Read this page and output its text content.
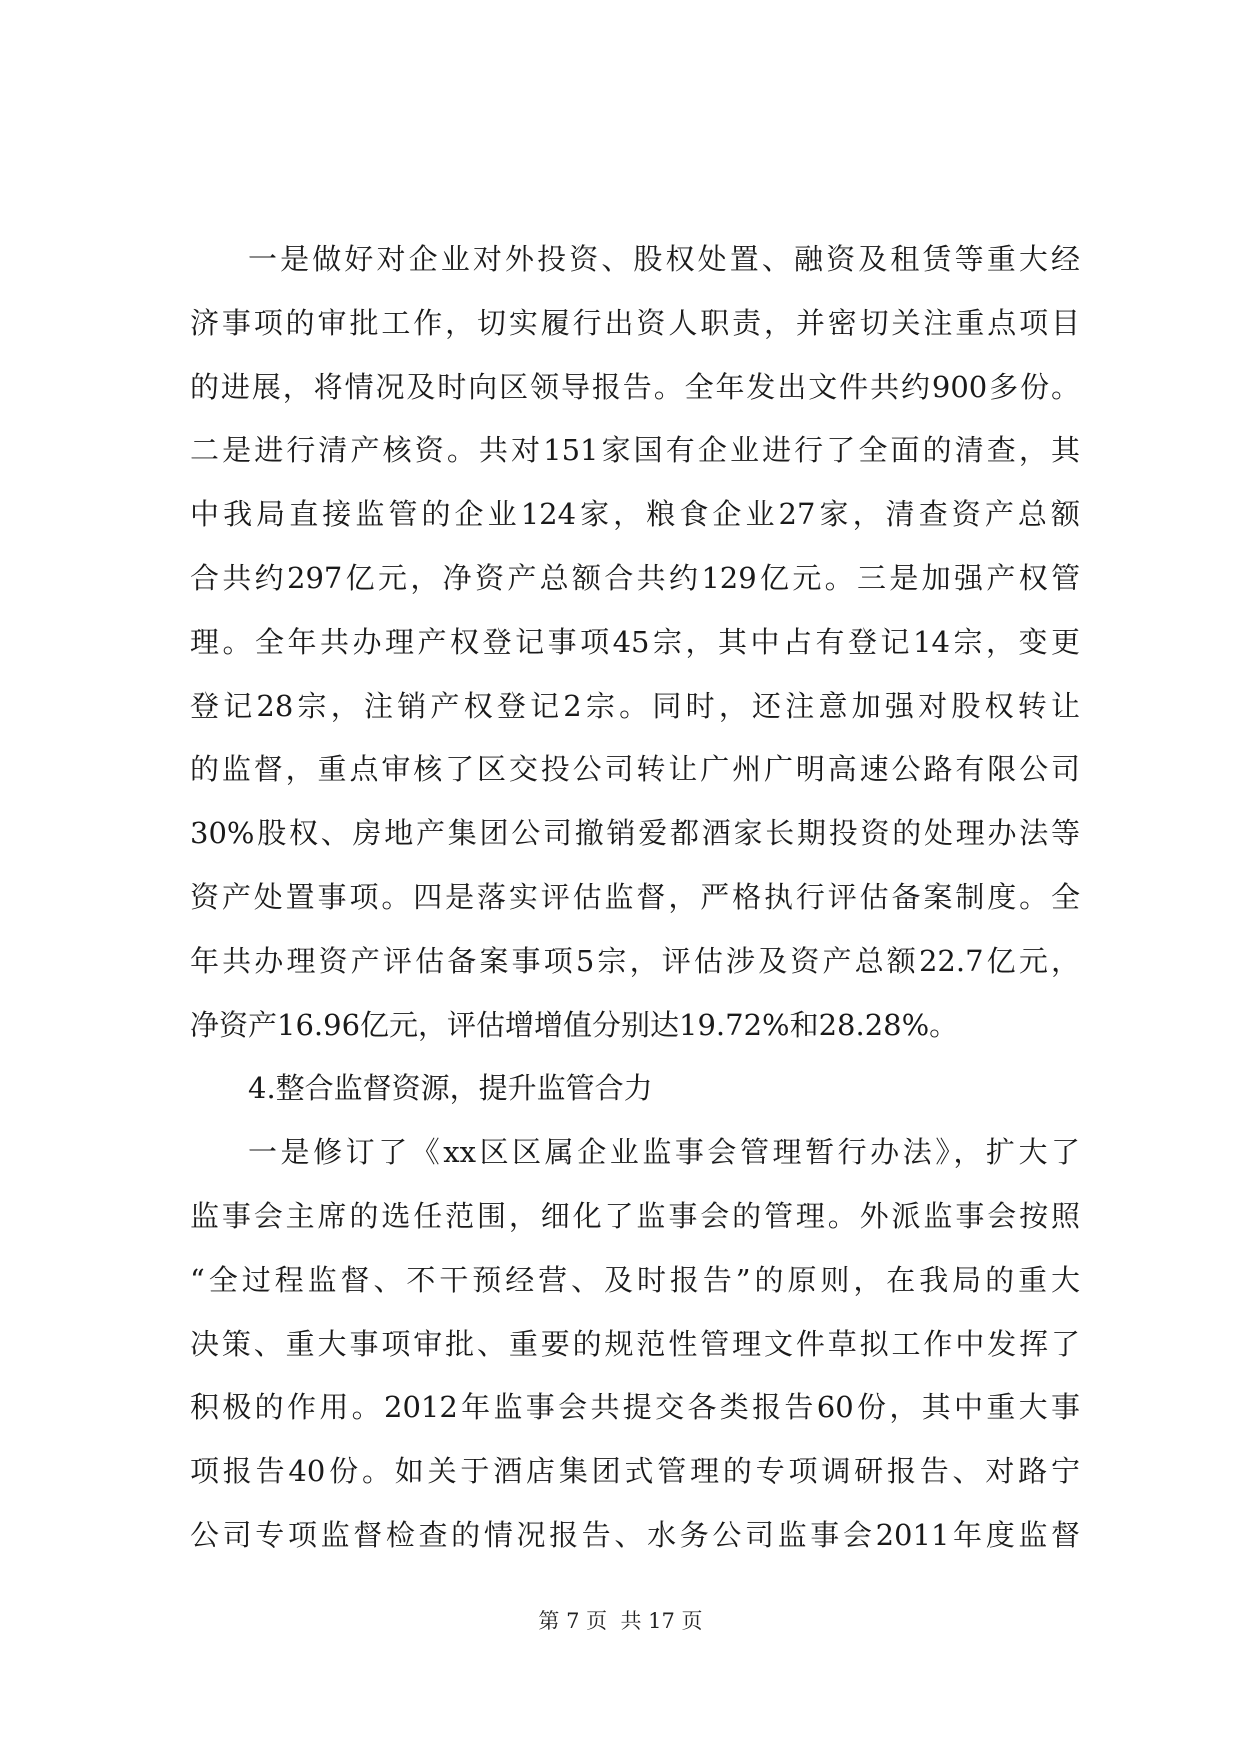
一是做好对企业对外投资、股权处置、融资及租赁等重大经
济事项的审批工作，切实履行出资人职责，并密切关注重点项目
的进展，将情况及时向区领导报告。全年发出文件共约900多份。
二是进行清产核资。共对151家国有企业进行了全面的清查，其
中我局直接监管的企业124家，粮食企业27家，清查资产总额
合共约297亿元，净资产总额合共约129亿元。三是加强产权管
理。全年共办理产权登记事项45宗，其中占有登记14宗，变更
登记28宗，注销产权登记2宗。同时，还注意加强对股权转让
的监督，重点审核了区交投公司转让广州广明高速公路有限公司
30%股权、房地产集团公司撤销爱都酒家长期投资的处理办法等
资产处置事项。四是落实评估监督，严格执行评估备案制度。全
年共办理资产评估备案事项5宗，评估涉及资产总额22.7亿元，
净资产16.96亿元，评估增增值分别达19.72%和28.28%。
4.整合监督资源，提升监管合力
一是修订了《xx区区属企业监事会管理暂行办法》，扩大了
监事会主席的选任范围，细化了监事会的管理。外派监事会按照
“全过程监督、不干预经营、及时报告”的原则，在我局的重大
决策、重大事项审批、重要的规范性管理文件草拟工作中发挥了
积极的作用。2012年监事会共提交各类报告60份，其中重大事
项报告40份。如关于酒店集团式管理的专项调研报告、对路宁
公司专项监督检查的情况报告、水务公司监事会2011年度监督
第 7 页  共 17 页
